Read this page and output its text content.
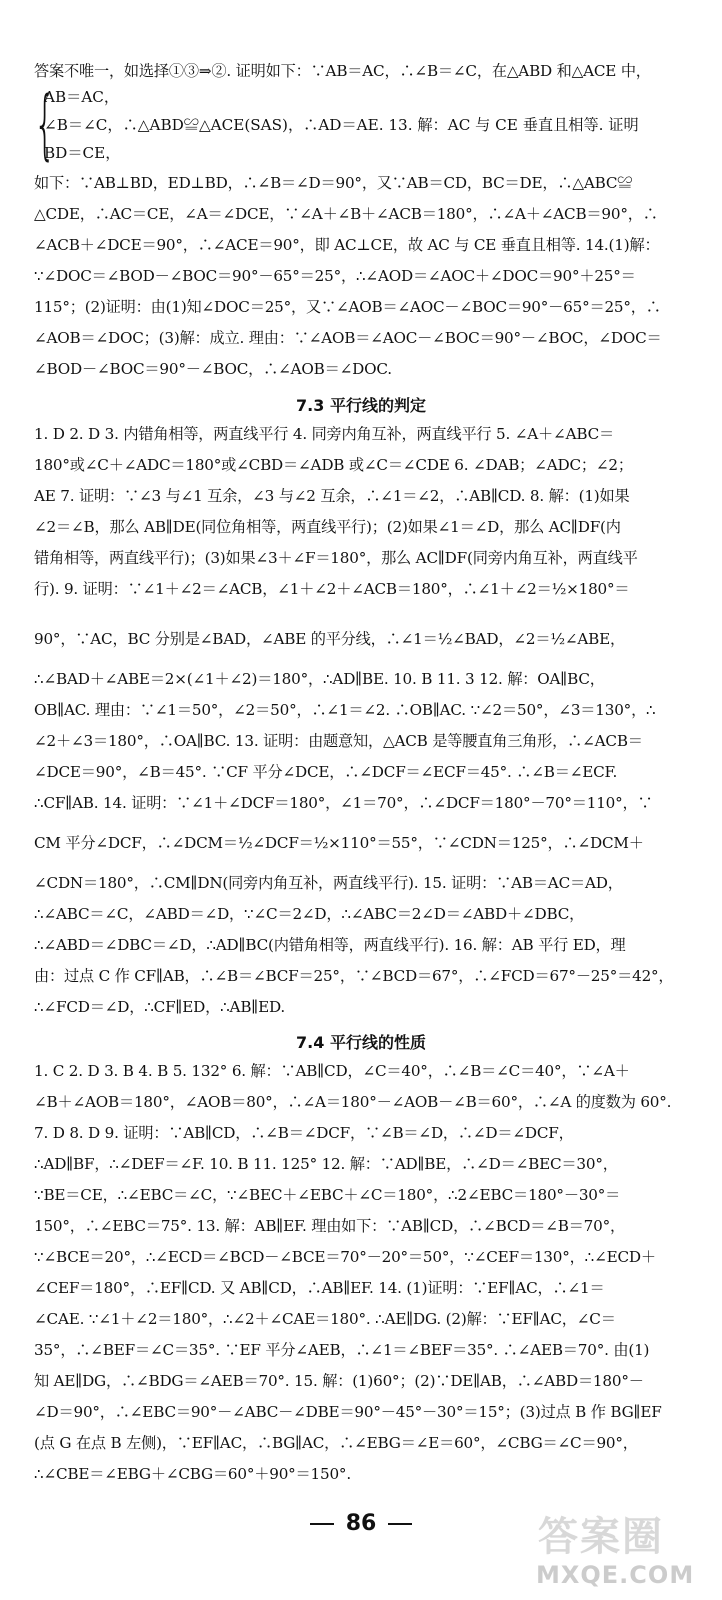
答案不唯一，如选择①③⇒②. 证明如下：∵AB＝AC，∴∠B＝∠C，在△ABD 和△ACE 中，
{
AB＝AC，
∠B＝∠C，∴△ABD≌△ACE(SAS)，∴AD＝AE. 13. 解：AC 与 CE 垂直且相等. 证明
BD＝CE，
如下：∵AB⊥BD，ED⊥BD，∴∠B＝∠D＝90°，又∵AB＝CD，BC＝DE，∴△ABC≌
△CDE，∴AC＝CE，∠A＝∠DCE，∵∠A＋∠B＋∠ACB＝180°，∴∠A＋∠ACB＝90°，∴
∠ACB＋∠DCE＝90°，∴∠ACE＝90°，即 AC⊥CE，故 AC 与 CE 垂直且相等. 14.(1)解：
∵∠DOC＝∠BOD－∠BOC＝90°－65°＝25°，∴∠AOD＝∠AOC＋∠DOC＝90°＋25°＝
115°；(2)证明：由(1)知∠DOC＝25°，又∵∠AOB＝∠AOC－∠BOC＝90°－65°＝25°，∴
∠AOB＝∠DOC；(3)解：成立. 理由：∵∠AOB＝∠AOC－∠BOC＝90°－∠BOC，∠DOC＝
∠BOD－∠BOC＝90°－∠BOC，∴∠AOB＝∠DOC.
7.3 平行线的判定
1. D 2. D 3. 内错角相等，两直线平行 4. 同旁内角互补，两直线平行 5. ∠A＋∠ABC＝
180°或∠C＋∠ADC＝180°或∠CBD＝∠ADB 或∠C＝∠CDE 6. ∠DAB；∠ADC；∠2；
AE 7. 证明：∵∠3 与∠1 互余，∠3 与∠2 互余，∴∠1＝∠2，∴AB∥CD. 8. 解：(1)如果
∠2＝∠B，那么 AB∥DE(同位角相等，两直线平行)；(2)如果∠1＝∠D，那么 AC∥DF(内
错角相等，两直线平行)；(3)如果∠3＋∠F＝180°，那么 AC∥DF(同旁内角互补，两直线平
行). 9. 证明：∵∠1＋∠2＝∠ACB，∠1＋∠2＋∠ACB＝180°，∴∠1＋∠2＝½×180°＝
90°，∵AC，BC 分别是∠BAD，∠ABE 的平分线，∴∠1＝½∠BAD，∠2＝½∠ABE，
∴∠BAD＋∠ABE＝2×(∠1＋∠2)＝180°，∴AD∥BE. 10. B 11. 3 12. 解：OA∥BC，
OB∥AC. 理由：∵∠1＝50°，∠2＝50°，∴∠1＝∠2. ∴OB∥AC. ∵∠2＝50°，∠3＝130°，∴
∠2＋∠3＝180°，∴OA∥BC. 13. 证明：由题意知，△ACB 是等腰直角三角形，∴∠ACB＝
∠DCE＝90°，∠B＝45°. ∵CF 平分∠DCE，∴∠DCF＝∠ECF＝45°. ∴∠B＝∠ECF.
∴CF∥AB. 14. 证明：∵∠1＋∠DCF＝180°，∠1＝70°，∴∠DCF＝180°－70°＝110°，∵
CM 平分∠DCF，∴∠DCM＝½∠DCF＝½×110°＝55°，∵∠CDN＝125°，∴∠DCM＋
∠CDN＝180°，∴CM∥DN(同旁内角互补，两直线平行). 15. 证明：∵AB＝AC＝AD，
∴∠ABC＝∠C，∠ABD＝∠D，∵∠C＝2∠D，∴∠ABC＝2∠D＝∠ABD＋∠DBC，
∴∠ABD＝∠DBC＝∠D，∴AD∥BC(内错角相等，两直线平行). 16. 解：AB 平行 ED，理
由：过点 C 作 CF∥AB，∴∠B＝∠BCF＝25°，∵∠BCD＝67°，∴∠FCD＝67°－25°＝42°，
∴∠FCD＝∠D，∴CF∥ED，∴AB∥ED.
7.4 平行线的性质
1. C 2. D 3. B 4. B 5. 132° 6. 解：∵AB∥CD，∠C＝40°，∴∠B＝∠C＝40°，∵∠A＋
∠B＋∠AOB＝180°，∠AOB＝80°，∴∠A＝180°－∠AOB－∠B＝60°，∴∠A 的度数为 60°.
7. D 8. D 9. 证明：∵AB∥CD，∴∠B＝∠DCF，∵∠B＝∠D，∴∠D＝∠DCF，
∴AD∥BF，∴∠DEF＝∠F. 10. B 11. 125° 12. 解：∵AD∥BE，∴∠D＝∠BEC＝30°，
∵BE＝CE，∴∠EBC＝∠C，∵∠BEC＋∠EBC＋∠C＝180°，∴2∠EBC＝180°－30°＝
150°，∴∠EBC＝75°. 13. 解：AB∥EF. 理由如下：∵AB∥CD，∴∠BCD＝∠B＝70°，
∵∠BCE＝20°，∴∠ECD＝∠BCD－∠BCE＝70°－20°＝50°，∵∠CEF＝130°，∴∠ECD＋
∠CEF＝180°，∴EF∥CD. 又 AB∥CD，∴AB∥EF. 14. (1)证明：∵EF∥AC，∴∠1＝
∠CAE. ∵∠1＋∠2＝180°，∴∠2＋∠CAE＝180°. ∴AE∥DG. (2)解：∵EF∥AC，∠C＝
35°，∴∠BEF＝∠C＝35°. ∵EF 平分∠AEB，∴∠1＝∠BEF＝35°. ∴∠AEB＝70°. 由(1)
知 AE∥DG，∴∠BDG＝∠AEB＝70°. 15. 解：(1)60°；(2)∵DE∥AB，∴∠ABD＝180°－
∠D＝90°，∴∠EBC＝90°－∠ABC－∠DBE＝90°－45°－30°＝15°；(3)过点 B 作 BG∥EF
(点 G 在点 B 左侧)，∵EF∥AC，∴BG∥AC，∴∠EBG＝∠E＝60°，∠CBG＝∠C＝90°，
∴∠CBE＝∠EBG＋∠CBG＝60°＋90°＝150°.
86	答案圈
MXQE.COM
